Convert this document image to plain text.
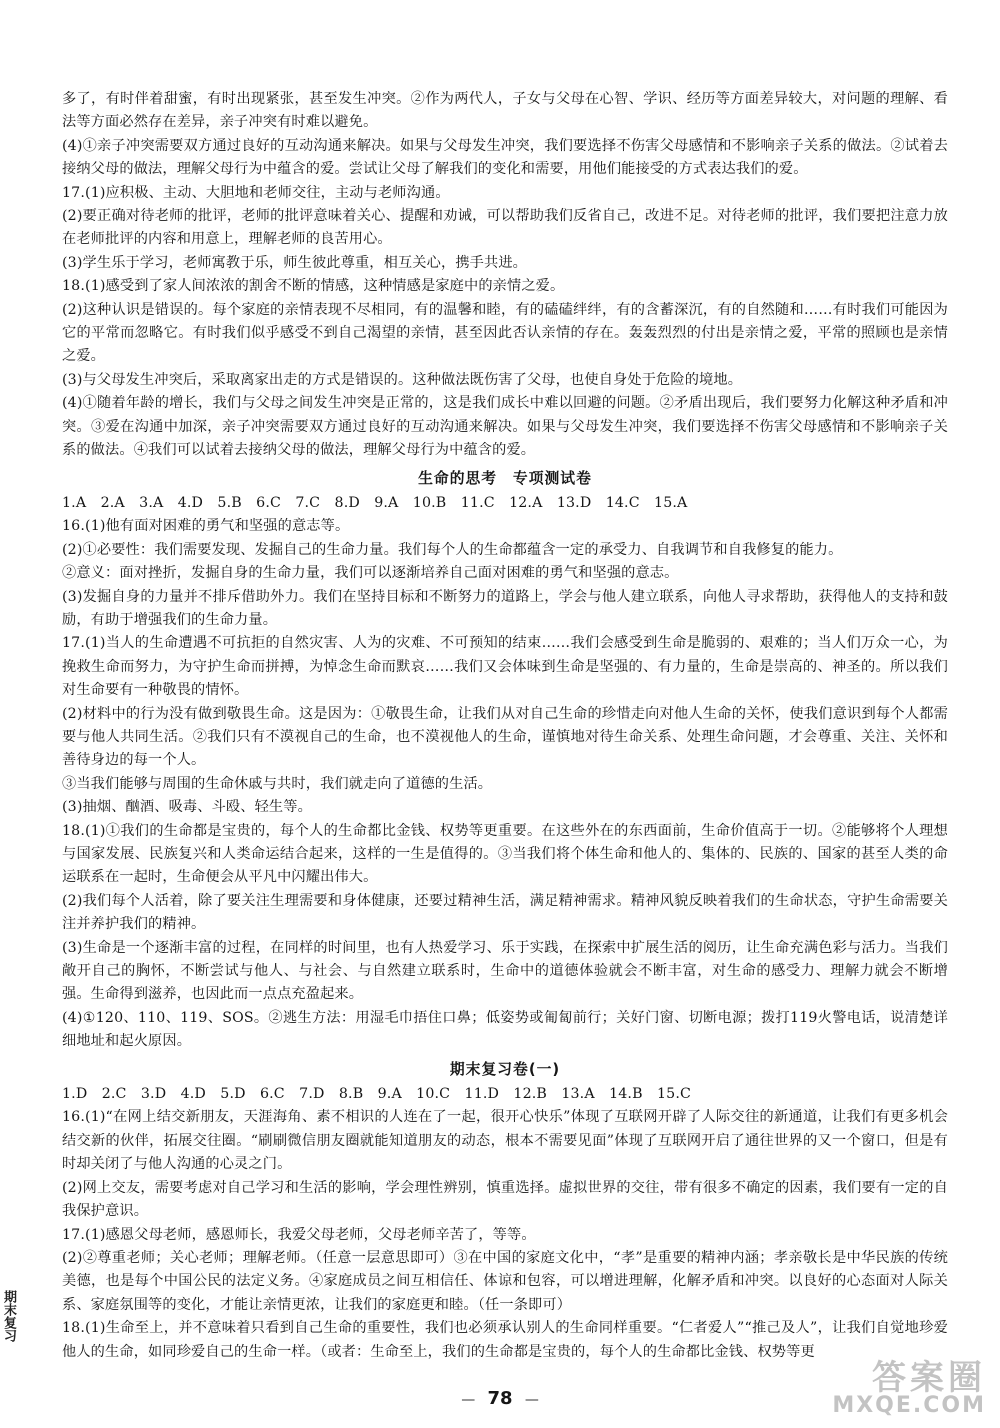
多了，有时伴着甜蜜，有时出现紧张，甚至发生冲突。②作为两代人，子女与父母在心智、学识、经历等方面差异较大，对问题的理解、看法等方面必然存在差异，亲子冲突有时难以避免。

(4)①亲子冲突需要双方通过良好的互动沟通来解决。如果与父母发生冲突，我们要选择不伤害父母感情和不影响亲子关系的做法。②试着去接纳父母的做法，理解父母行为中蕴含的爱。尝试让父母了解我们的变化和需要，用他们能接受的方式表达我们的爱。

17.(1)应积极、主动、大胆地和老师交往，主动与老师沟通。

(2)要正确对待老师的批评，老师的批评意味着关心、提醒和劝诫，可以帮助我们反省自己，改进不足。对待老师的批评，我们要把注意力放在老师批评的内容和用意上，理解老师的良苦用心。

(3)学生乐于学习，老师寓教于乐，师生彼此尊重，相互关心，携手共进。

18.(1)感受到了家人间浓浓的割舍不断的情感，这种情感是家庭中的亲情之爱。

(2)这种认识是错误的。每个家庭的亲情表现不尽相同，有的温馨和睦，有的磕磕绊绊，有的含蓄深沉，有的自然随和……有时我们可能因为它的平常而忽略它。有时我们似乎感受不到自己渴望的亲情，甚至因此否认亲情的存在。轰轰烈烈的付出是亲情之爱，平常的照顾也是亲情之爱。

(3)与父母发生冲突后，采取离家出走的方式是错误的。这种做法既伤害了父母，也使自身处于危险的境地。

(4)①随着年龄的增长，我们与父母之间发生冲突是正常的，这是我们成长中难以回避的问题。②矛盾出现后，我们要努力化解这种矛盾和冲突。③爱在沟通中加深，亲子冲突需要双方通过良好的互动沟通来解决。如果与父母发生冲突，我们要选择不伤害父母感情和不影响亲子关系的做法。④我们可以试着去接纳父母的做法，理解父母行为中蕴含的爱。

生命的思考　专项测试卷

1.A　2.A　3.A　4.D　5.B　6.C　7.C　8.D　9.A　10.B　11.C　12.A　13.D　14.C　15.A

16.(1)他有面对困难的勇气和坚强的意志等。

(2)①必要性：我们需要发现、发掘自己的生命力量。我们每个人的生命都蕴含一定的承受力、自我调节和自我修复的能力。

②意义：面对挫折，发掘自身的生命力量，我们可以逐渐培养自己面对困难的勇气和坚强的意志。

(3)发掘自身的力量并不排斥借助外力。我们在坚持目标和不断努力的道路上，学会与他人建立联系，向他人寻求帮助，获得他人的支持和鼓励，有助于增强我们的生命力量。

17.(1)当人的生命遭遇不可抗拒的自然灾害、人为的灾难、不可预知的结束……我们会感受到生命是脆弱的、艰难的；当人们万众一心，为挽救生命而努力，为守护生命而拼搏，为悼念生命而默哀……我们又会体味到生命是坚强的、有力量的，生命是崇高的、神圣的。所以我们对生命要有一种敬畏的情怀。

(2)材料中的行为没有做到敬畏生命。这是因为：①敬畏生命，让我们从对自己生命的珍惜走向对他人生命的关怀，使我们意识到每个人都需要与他人共同生活。②我们只有不漠视自己的生命，也不漠视他人的生命，谨慎地对待生命关系、处理生命问题，才会尊重、关注、关怀和善待身边的每一个人。

③当我们能够与周围的生命休戚与共时，我们就走向了道德的生活。

(3)抽烟、酗酒、吸毒、斗殴、轻生等。

18.(1)①我们的生命都是宝贵的，每个人的生命都比金钱、权势等更重要。在这些外在的东西面前，生命价值高于一切。②能够将个人理想与国家发展、民族复兴和人类命运结合起来，这样的一生是值得的。③当我们将个体生命和他人的、集体的、民族的、国家的甚至人类的命运联系在一起时，生命便会从平凡中闪耀出伟大。

(2)我们每个人活着，除了要关注生理需要和身体健康，还要过精神生活，满足精神需求。精神风貌反映着我们的生命状态，守护生命需要关注并养护我们的精神。

(3)生命是一个逐渐丰富的过程，在同样的时间里，也有人热爱学习、乐于实践，在探索中扩展生活的阅历，让生命充满色彩与活力。当我们敞开自己的胸怀，不断尝试与他人、与社会、与自然建立联系时，生命中的道德体验就会不断丰富，对生命的感受力、理解力就会不断增强。生命得到滋养，也因此而一点点充盈起来。

(4)①120、110、119、SOS。②逃生方法：用湿毛巾捂住口鼻；低姿势或匍匐前行；关好门窗、切断电源；拨打119火警电话，说清楚详细地址和起火原因。

期末复习卷(一)

1.D　2.C　3.D　4.D　5.D　6.C　7.D　8.B　9.A　10.C　11.D　12.B　13.A　14.B　15.C

16.(1)“在网上结交新朋友，天涯海角、素不相识的人连在了一起，很开心快乐”体现了互联网开辟了人际交往的新通道，让我们有更多机会结交新的伙伴，拓展交往圈。“刷刷微信朋友圈就能知道朋友的动态，根本不需要见面”体现了互联网开启了通往世界的又一个窗口，但是有时却关闭了与他人沟通的心灵之门。

(2)网上交友，需要考虑对自己学习和生活的影响，学会理性辨别，慎重选择。虚拟世界的交往，带有很多不确定的因素，我们要有一定的自我保护意识。

17.(1)感恩父母老师，感恩师长，我爱父母老师，父母老师辛苦了，等等。

(2)②尊重老师；关心老师；理解老师。（任意一层意思即可）③在中国的家庭文化中，“孝”是重要的精神内涵；孝亲敬长是中华民族的传统美德，也是每个中国公民的法定义务。④家庭成员之间互相信任、体谅和包容，可以增进理解，化解矛盾和冲突。以良好的心态面对人际关系、家庭氛围等的变化，才能让亲情更浓，让我们的家庭更和睦。（任一条即可）

18.(1)生命至上，并不意味着只看到自己生命的重要性，我们也必须承认别人的生命同样重要。“仁者爱人”“推己及人”，让我们自觉地珍爱他人的生命，如同珍爱自己的生命一样。（或者：生命至上，我们的生命都是宝贵的，每个人的生命都比金钱、权势等更

— 78 —
期末复习
答案圈
MXQE.COM
